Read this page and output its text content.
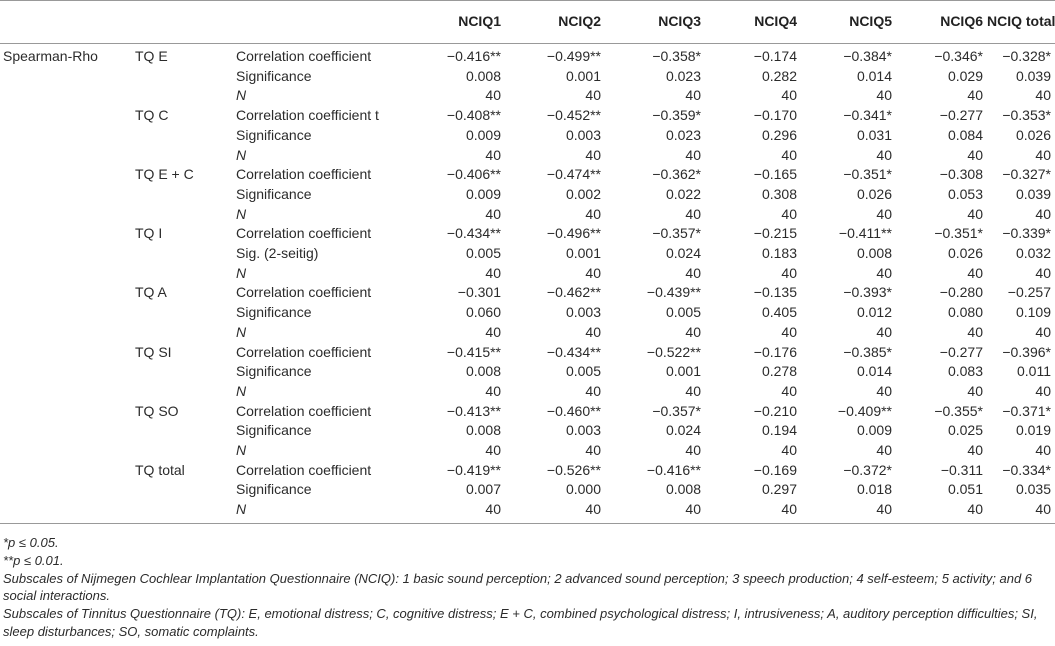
			NCIQ1	NCIQ2	NCIQ3	NCIQ4	NCIQ5	NCIQ6	NCIQ total
Spearman-Rho	TQ E	Correlation coefficient	−0.416**	−0.499**	−0.358*	−0.174	−0.384*	−0.346*	−0.328*
		Significance	0.008	0.001	0.023	0.282	0.014	0.029	0.039
		N	40	40	40	40	40	40	40
	TQ C	Correlation coefficient t	−0.408**	−0.452**	−0.359*	−0.170	−0.341*	−0.277	−0.353*
		Significance	0.009	0.003	0.023	0.296	0.031	0.084	0.026
		N	40	40	40	40	40	40	40
	TQ E + C	Correlation coefficient	−0.406**	−0.474**	−0.362*	−0.165	−0.351*	−0.308	−0.327*
		Significance	0.009	0.002	0.022	0.308	0.026	0.053	0.039
		N	40	40	40	40	40	40	40
	TQ I	Correlation coefficient	−0.434**	−0.496**	−0.357*	−0.215	−0.411**	−0.351*	−0.339*
		Sig. (2-seitig)	0.005	0.001	0.024	0.183	0.008	0.026	0.032
		N	40	40	40	40	40	40	40
	TQ A	Correlation coefficient	−0.301	−0.462**	−0.439**	−0.135	−0.393*	−0.280	−0.257
		Significance	0.060	0.003	0.005	0.405	0.012	0.080	0.109
		N	40	40	40	40	40	40	40
	TQ SI	Correlation coefficient	−0.415**	−0.434**	−0.522**	−0.176	−0.385*	−0.277	−0.396*
		Significance	0.008	0.005	0.001	0.278	0.014	0.083	0.011
		N	40	40	40	40	40	40	40
	TQ SO	Correlation coefficient	−0.413**	−0.460**	−0.357*	−0.210	−0.409**	−0.355*	−0.371*
		Significance	0.008	0.003	0.024	0.194	0.009	0.025	0.019
		N	40	40	40	40	40	40	40
	TQ total	Correlation coefficient	−0.419**	−0.526**	−0.416**	−0.169	−0.372*	−0.311	−0.334*
		Significance	0.007	0.000	0.008	0.297	0.018	0.051	0.035
		N	40	40	40	40	40	40	40

*p ≤ 0.05.

**p ≤ 0.01.

Subscales of Nijmegen Cochlear Implantation Questionnaire (NCIQ): 1 basic sound perception; 2 advanced sound perception; 3 speech production; 4 self-esteem; 5 activity; and 6 social interactions.

Subscales of Tinnitus Questionnaire (TQ): E, emotional distress; C, cognitive distress; E + C, combined psychological distress; I, intrusiveness; A, auditory perception difficulties; SI, sleep disturbances; SO, somatic complaints.
